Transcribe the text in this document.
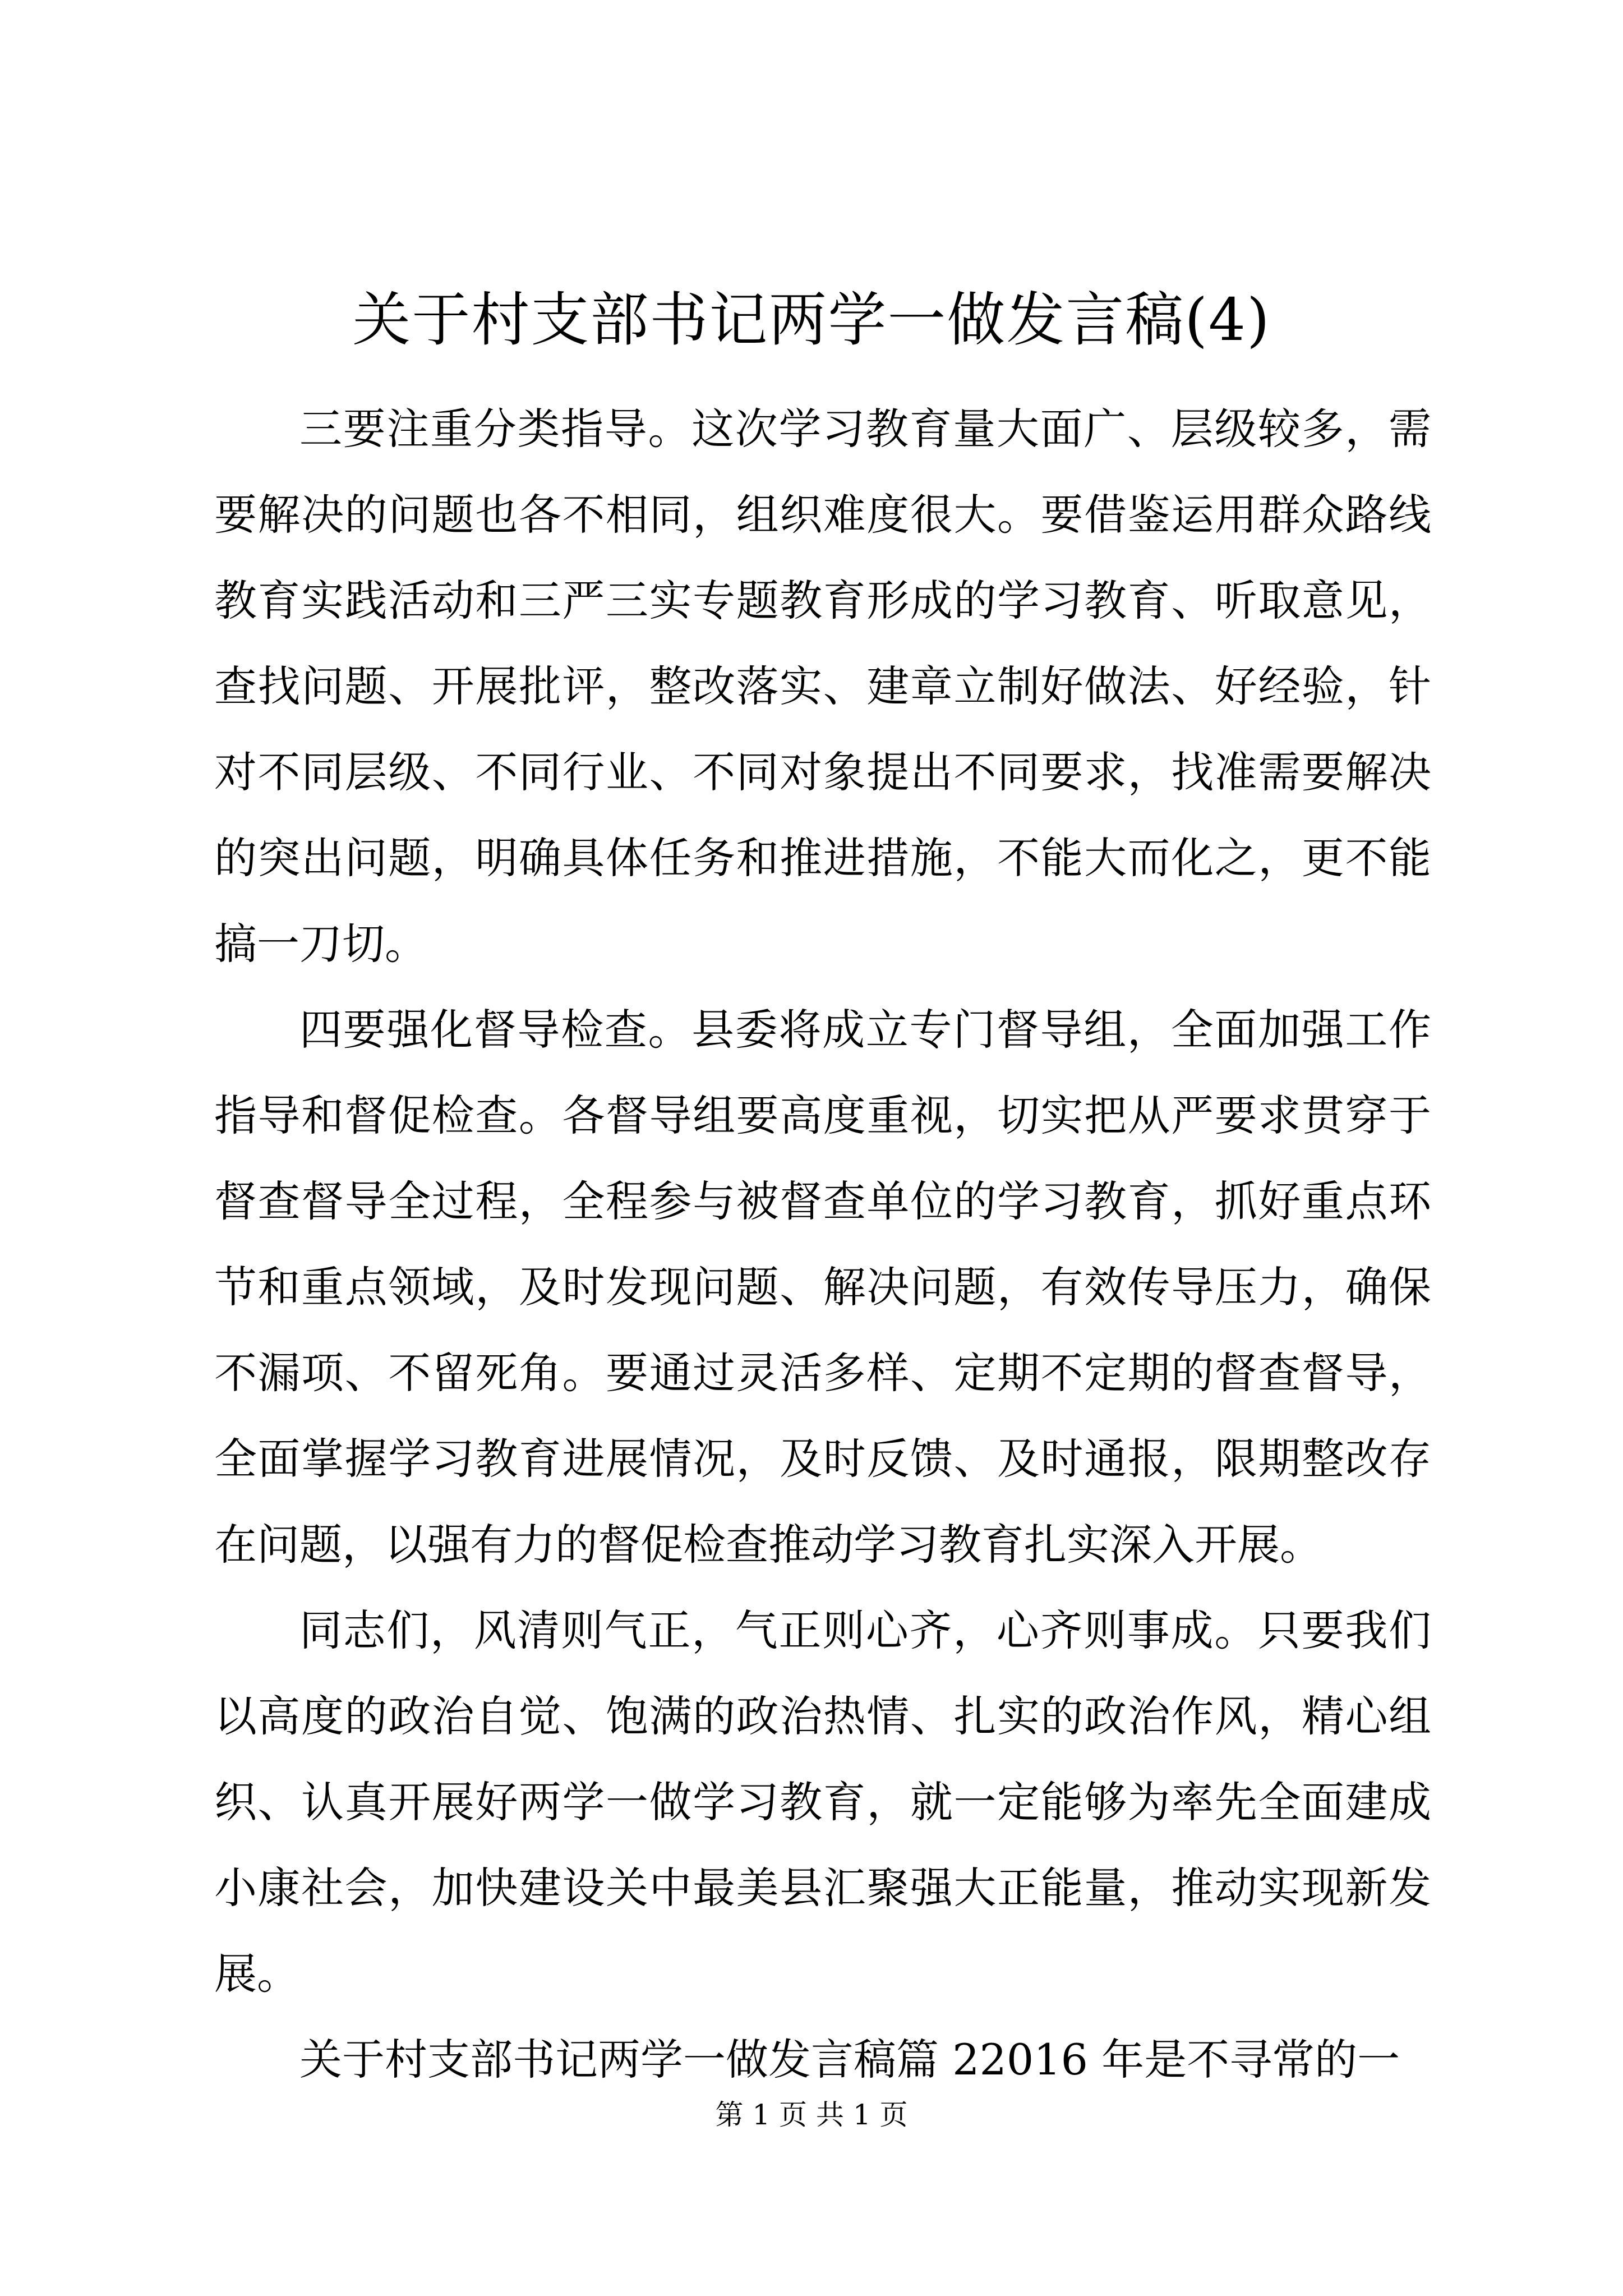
关于村支部书记两学一做发言稿(4)

三要注重分类指导。这次学习教育量大面广、层级较多，需要解决的问题也各不相同，组织难度很大。要借鉴运用群众路线教育实践活动和三严三实专题教育形成的学习教育、听取意见，查找问题、开展批评，整改落实、建章立制好做法、好经验，针对不同层级、不同行业、不同对象提出不同要求，找准需要解决的突出问题，明确具体任务和推进措施，不能大而化之，更不能搞一刀切。

四要强化督导检查。县委将成立专门督导组，全面加强工作指导和督促检查。各督导组要高度重视，切实把从严要求贯穿于督查督导全过程，全程参与被督查单位的学习教育，抓好重点环节和重点领域，及时发现问题、解决问题，有效传导压力，确保不漏项、不留死角。要通过灵活多样、定期不定期的督查督导，全面掌握学习教育进展情况，及时反馈、及时通报，限期整改存在问题，以强有力的督促检查推动学习教育扎实深入开展。

同志们，风清则气正，气正则心齐，心齐则事成。只要我们以高度的政治自觉、饱满的政治热情、扎实的政治作风，精心组织、认真开展好两学一做学习教育，就一定能够为率先全面建成小康社会，加快建设关中最美县汇聚强大正能量，推动实现新发展。

关于村支部书记两学一做发言稿篇 22016 年是不寻常的一

第 1 页 共 1 页
